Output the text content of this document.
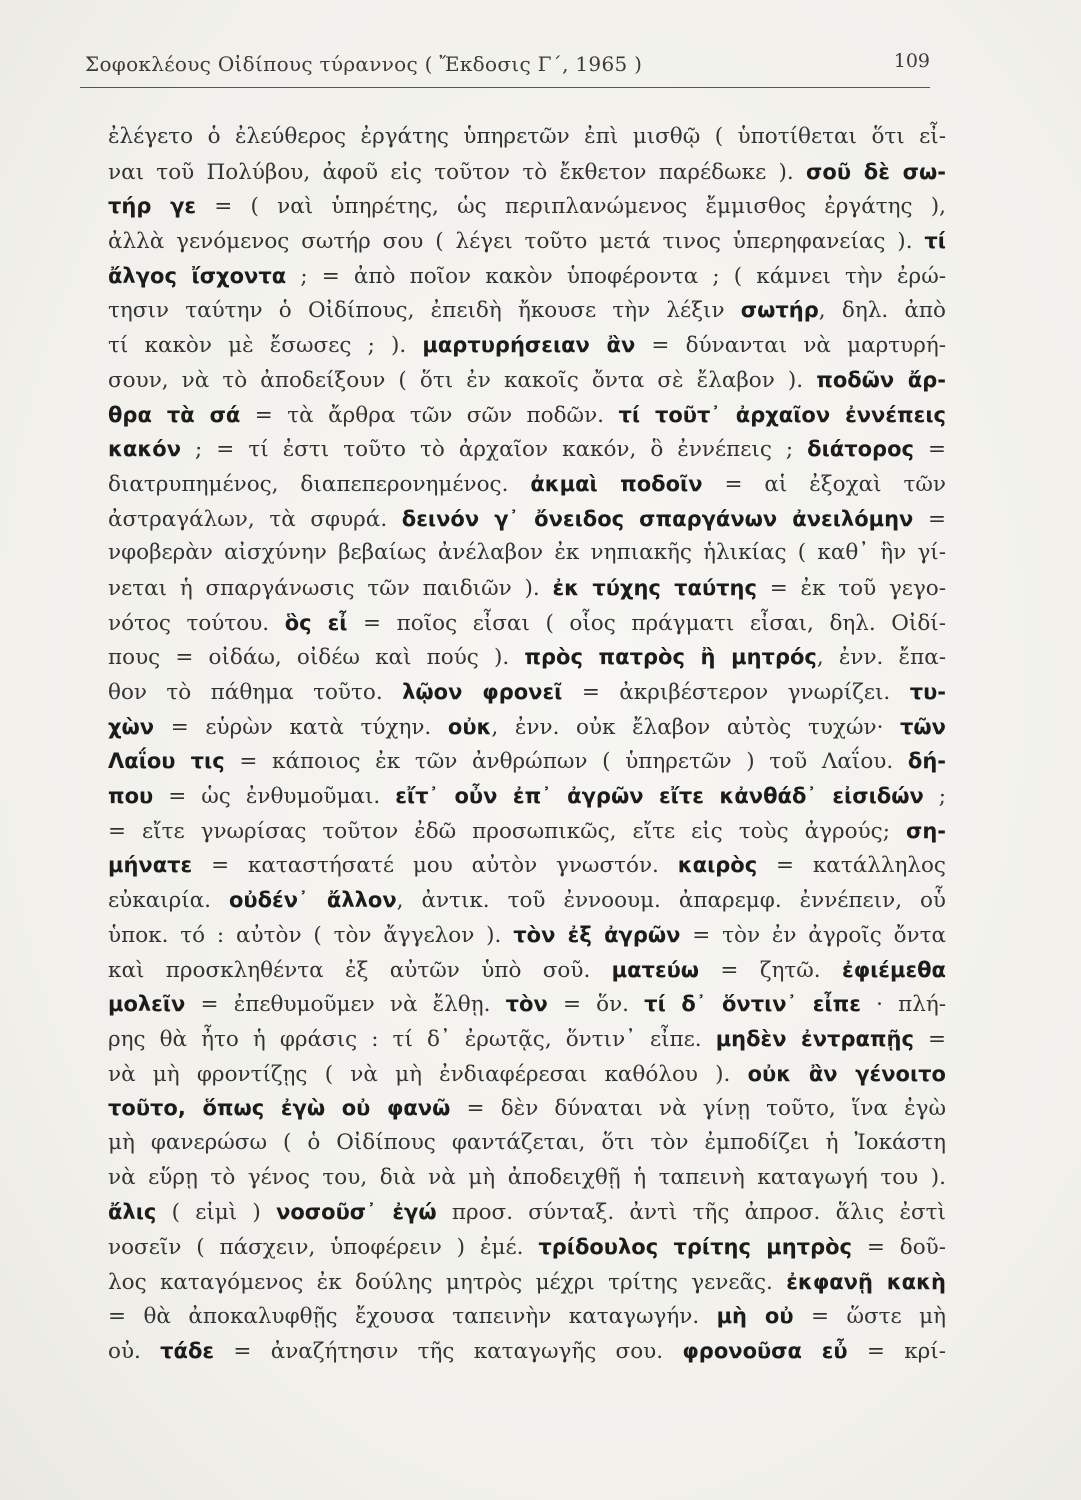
Σοφοκλέους Οἰδίπους τύραννος ( Ἔκδοσις Γ΄, 1965 )	109
ἐλέγετο ὁ ἐλεύθερος ἐργάτης ὑπηρετῶν ἐπὶ μισθῷ ( ὑποτίθεται ὅτι εἶ-
ναι τοῦ Πολύβου, ἀφοῦ εἰς τοῦτον τὸ ἔκθετον παρέδωκε ). σοῦ δὲ σω-
τήρ γε = ( ναὶ ὑπηρέτης, ὡς περιπλανώμενος ἔμμισθος ἐργάτης ),
ἀλλὰ γενόμενος σωτήρ σου ( λέγει τοῦτο μετά τινος ὑπερηφανείας ). τί
ἄλγος ἴσχοντα ; = ἀπὸ ποῖον κακὸν ὑποφέροντα ; ( κάμνει τὴν ἐρώ-
τησιν ταύτην ὁ Οἰδίπους, ἐπειδὴ ἤκουσε τὴν λέξιν σωτήρ, δηλ. ἀπὸ
τί κακὸν μὲ ἔσωσες ; ). μαρτυρήσειαν ἂν = δύνανται νὰ μαρτυρή-
σουν, νὰ τὸ ἀποδείξουν ( ὅτι ἐν κακοῖς ὄντα σὲ ἔλαβον ). ποδῶν ἄρ-
θρα τὰ σά = τὰ ἄρθρα τῶν σῶν ποδῶν. τί τοῦτ᾽ ἀρχαῖον ἐννέπεις
κακόν ; = τί ἐστι τοῦτο τὸ ἀρχαῖον κακόν, ὃ ἐννέπεις ; διάτορος =
διατρυπημένος, διαπεπερονημένος. ἀκμαὶ ποδοῖν = αἱ ἐξοχαὶ τῶν
ἀστραγάλων, τὰ σφυρά. δεινόν γ᾽ ὄνειδος σπαργάνων ἀνειλόμην =
νφοβερὰν αἰσχύνην βεβαίως ἀνέλαβον ἐκ νηπιακῆς ἡλικίας ( καθ᾽ ἣν γί-
νεται ἡ σπαργάνωσις τῶν παιδιῶν ). ἐκ τύχης ταύτης = ἐκ τοῦ γεγο-
νότος τούτου. ὃς εἶ = ποῖος εἶσαι ( οἷος πράγματι εἶσαι, δηλ. Οἰδί-
πους = οἰδάω, οἰδέω καὶ πούς ). πρὸς πατρὸς ἢ μητρός, ἐνν. ἔπα-
θον τὸ πάθημα τοῦτο. λῷον φρονεῖ = ἀκριβέστερον γνωρίζει. τυ-
χὼν = εὑρὼν κατὰ τύχην. οὐκ, ἐνν. οὐκ ἔλαβον αὐτὸς τυχών· τῶν
Λαΐου τις = κάποιος ἐκ τῶν ἀνθρώπων ( ὑπηρετῶν ) τοῦ Λαΐου. δή-
που = ὡς ἐνθυμοῦμαι. εἴτ᾽ οὖν ἐπ᾽ ἀγρῶν εἴτε κἀνθάδ᾽ εἰσιδών ;
= εἴτε γνωρίσας τοῦτον ἐδῶ προσωπικῶς, εἴτε εἰς τοὺς ἀγρούς; ση-
μήνατε = καταστήσατέ μου αὐτὸν γνωστόν. καιρὸς = κατάλληλος
εὐκαιρία. οὐδέν᾽ ἄλλον, ἀντικ. τοῦ ἐννοουμ. ἀπαρεμφ. ἐννέπειν, οὗ
ὑποκ. τό : αὐτὸν ( τὸν ἄγγελον ). τὸν ἐξ ἀγρῶν = τὸν ἐν ἀγροῖς ὄντα
καὶ προσκληθέντα ἐξ αὐτῶν ὑπὸ σοῦ. ματεύω = ζητῶ. ἐφιέμεθα
μολεῖν = ἐπεθυμοῦμεν νὰ ἔλθῃ. τὸν = ὅν. τί δ᾽ ὅντιν᾽ εἶπε · πλή-
ρης θὰ ἦτο ἡ φράσις : τί δ᾽ ἐρωτᾷς, ὅντιν᾽ εἶπε. μηδὲν ἐντραπῇς =
νὰ μὴ φροντίζῃς ( νὰ μὴ ἐνδιαφέρεσαι καθόλου ). οὐκ ἂν γένοιτο
τοῦτο, ὅπως ἐγὼ οὐ φανῶ = δὲν δύναται νὰ γίνῃ τοῦτο, ἵνα ἐγὼ
μὴ φανερώσω ( ὁ Οἰδίπους φαντάζεται, ὅτι τὸν ἐμποδίζει ἡ Ἰοκάστη
νὰ εὕρῃ τὸ γένος του, διὰ νὰ μὴ ἀποδειχθῇ ἡ ταπεινὴ καταγωγή του ).
ἄλις ( εἰμὶ ) νοσοῦσ᾽ ἐγώ προσ. σύνταξ. ἀντὶ τῆς ἀπροσ. ἅλις ἐστὶ
νοσεῖν ( πάσχειν, ὑποφέρειν ) ἐμέ. τρίδουλος τρίτης μητρὸς = δοῦ-
λος καταγόμενος ἐκ δούλης μητρὸς μέχρι τρίτης γενεᾶς. ἐκφανῇ κακὴ
= θὰ ἀποκαλυφθῇς ἔχουσα ταπεινὴν καταγωγήν. μὴ οὐ = ὥστε μὴ
οὐ. τάδε = ἀναζήτησιν τῆς καταγωγῆς σου. φρονοῦσα εὖ = κρί-
